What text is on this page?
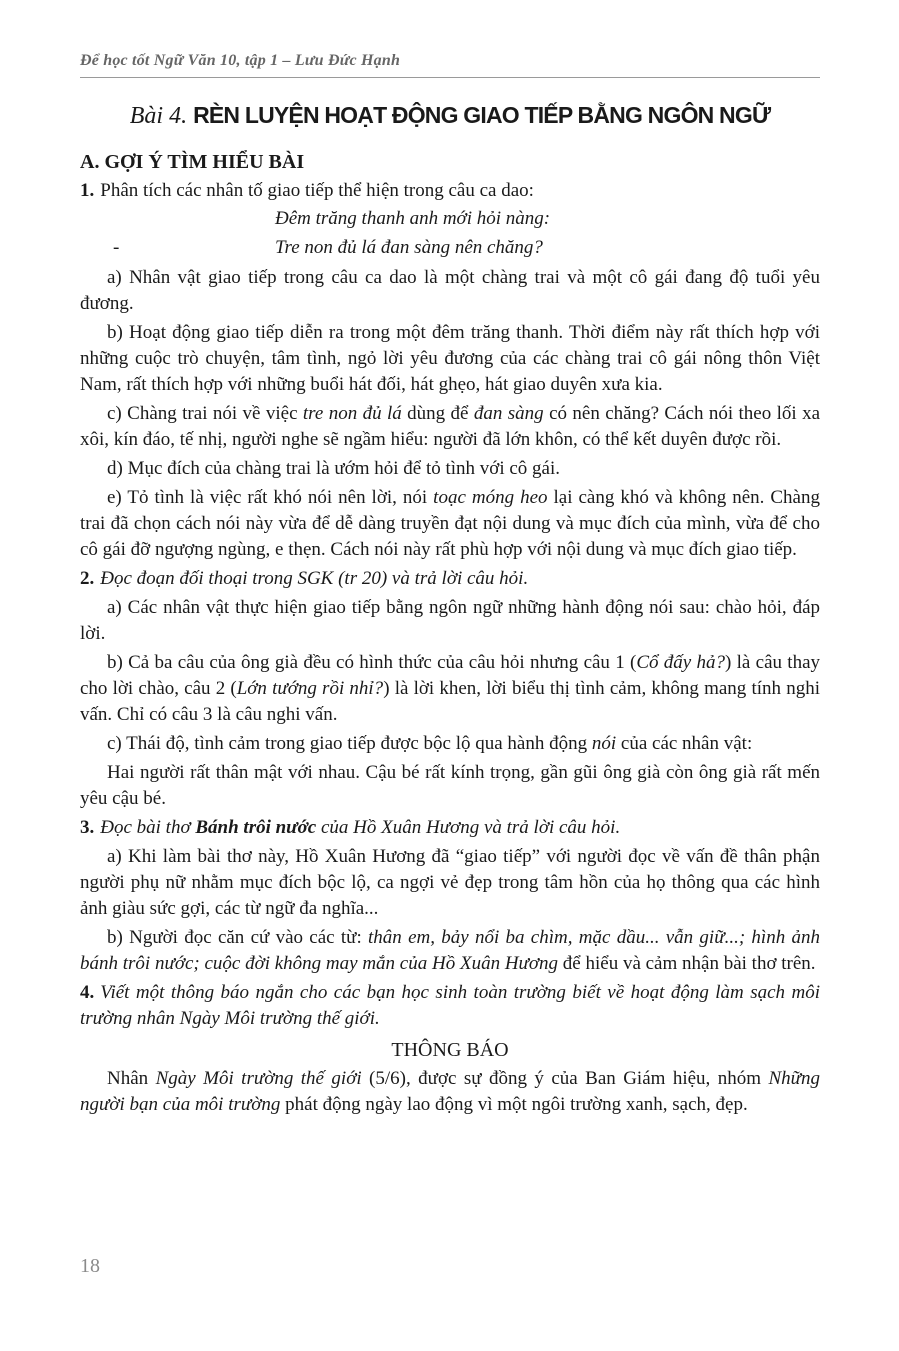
Để học tốt Ngữ Văn 10, tập 1 – Lưu Đức Hạnh
Bài 4. RÈN LUYỆN HOẠT ĐỘNG GIAO TIẾP BẰNG NGÔN NGỮ

A. GỢI Ý TÌM HIỂU BÀI

1. Phân tích các nhân tố giao tiếp thể hiện trong câu ca dao:

Đêm trăng thanh anh mới hỏi nàng:

-	Tre non đủ lá đan sàng nên chăng?

a) Nhân vật giao tiếp trong câu ca dao là một chàng trai và một cô gái đang độ tuổi yêu đương.

b) Hoạt động giao tiếp diễn ra trong một đêm trăng thanh. Thời điểm này rất thích hợp với những cuộc trò chuyện, tâm tình, ngỏ lời yêu đương của các chàng trai cô gái nông thôn Việt Nam, rất thích hợp với những buổi hát đối, hát ghẹo, hát giao duyên xưa kia.

c) Chàng trai nói về việc tre non đủ lá dùng để đan sàng có nên chăng? Cách nói theo lối xa xôi, kín đáo, tế nhị, người nghe sẽ ngầm hiểu: người đã lớn khôn, có thể kết duyên được rồi.

d) Mục đích của chàng trai là ướm hỏi để tỏ tình với cô gái.

e) Tỏ tình là việc rất khó nói nên lời, nói toạc móng heo lại càng khó và không nên. Chàng trai đã chọn cách nói này vừa để dễ dàng truyền đạt nội dung và mục đích của mình, vừa để cho cô gái đỡ ngượng ngùng, e thẹn. Cách nói này rất phù hợp với nội dung và mục đích giao tiếp.

2. Đọc đoạn đối thoại trong SGK (tr 20) và trả lời câu hỏi.

a) Các nhân vật thực hiện giao tiếp bằng ngôn ngữ những hành động nói sau: chào hỏi, đáp lời.

b) Cả ba câu của ông già đều có hình thức của câu hỏi nhưng câu 1 (Cổ đấy hả?) là câu thay cho lời chào, câu 2 (Lớn tướng rồi nhỉ?) là lời khen, lời biểu thị tình cảm, không mang tính nghi vấn. Chỉ có câu 3 là câu nghi vấn.

c) Thái độ, tình cảm trong giao tiếp được bộc lộ qua hành động nói của các nhân vật:

Hai người rất thân mật với nhau. Cậu bé rất kính trọng, gần gũi ông già còn ông già rất mến yêu cậu bé.

3. Đọc bài thơ Bánh trôi nước của Hồ Xuân Hương và trả lời câu hỏi.

a) Khi làm bài thơ này, Hồ Xuân Hương đã “giao tiếp” với người đọc về vấn đề thân phận người phụ nữ nhằm mục đích bộc lộ, ca ngợi vẻ đẹp trong tâm hồn của họ thông qua các hình ảnh giàu sức gợi, các từ ngữ đa nghĩa...

b) Người đọc căn cứ vào các từ: thân em, bảy nổi ba chìm, mặc dầu... vẫn giữ...; hình ảnh bánh trôi nước; cuộc đời không may mắn của Hồ Xuân Hương để hiểu và cảm nhận bài thơ trên.

4. Viết một thông báo ngắn cho các bạn học sinh toàn trường biết về hoạt động làm sạch môi trường nhân Ngày Môi trường thế giới.

THÔNG BÁO

Nhân Ngày Môi trường thế giới (5/6), được sự đồng ý của Ban Giám hiệu, nhóm Những người bạn của môi trường phát động ngày lao động vì một ngôi trường xanh, sạch, đẹp.

18
